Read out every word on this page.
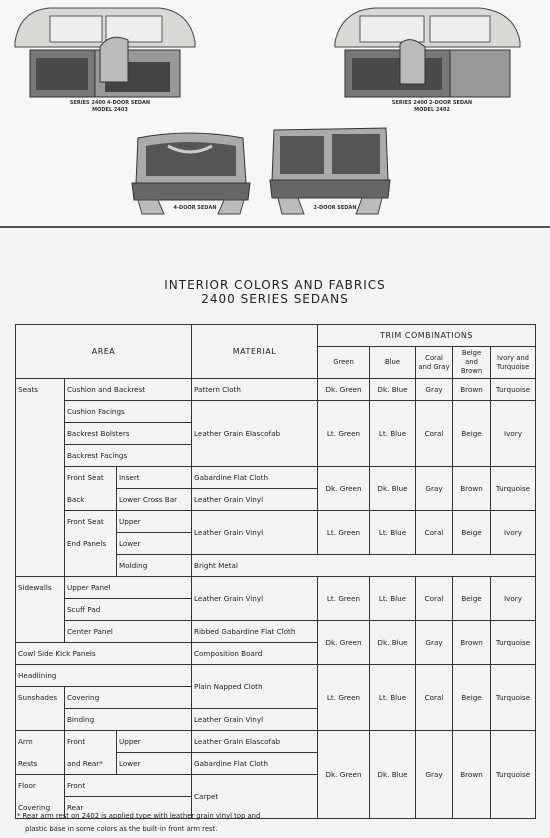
SERIES 2400 4-DOOR SEDAN
MODEL 2403
SERIES 2400 2-DOOR SEDAN
MODEL 2402
4-DOOR SEDAN	2-DOOR SEDAN
INTERIOR COLORS AND FABRICS
2400 SERIES SEDANS
AREA			MATERIAL	TRIM COMBINATIONS				
				Green	Blue	Coral and Gray	Beige and Brown	Ivory and Turquoise
Seats	Cushion and Backrest		Pattern Cloth	Dk. Green	Dk. Blue	Gray	Brown	Turquoise
	Cushion Facings		Leather Grain Elascofab	Lt. Green	Lt. Blue	Coral	Beige	Ivory
	Backrest Bolsters							
	Backrest Facings							
	Front Seat	Insert	Gabardine Flat Cloth	Dk. Green	Dk. Blue	Gray	Brown	Turquoise
	Back	Lower Cross Bar	Leather Grain Vinyl					
	Front Seat	Upper	Leather Grain Vinyl	Lt. Green	Lt. Blue	Coral	Beige	Ivory
	End Panels	Lower						
		Molding	Bright Metal					
Sidewalls	Upper Panel		Leather Grain Vinyl	Lt. Green	Lt. Blue	Coral	Beige	Ivory
	Scuff Pad							
	Center Panel		Ribbed Gabardine Flat Cloth	Dk. Green	Dk. Blue	Gray	Brown	Turquoise
Cowl Side Kick Panels			Composition Board					
Headlining			Plain Napped Cloth	Lt. Green	Lt. Blue	Coral	Beige	Turquoise
Sunshades	Covering							
	Binding		Leather Grain Vinyl					
Arm	Front	Upper	Leather Grain Elascofab	Dk. Green	Dk. Blue	Gray	Brown	Turquoise
Rests	and Rear*	Lower	Gabardine Flat Cloth					
Floor	Front		Carpet					
Covering	Rear							
* Rear arm rest on 2402 is applied type with leather grain vinyl top and
plastic base in some colors as the built-in front arm rest.
